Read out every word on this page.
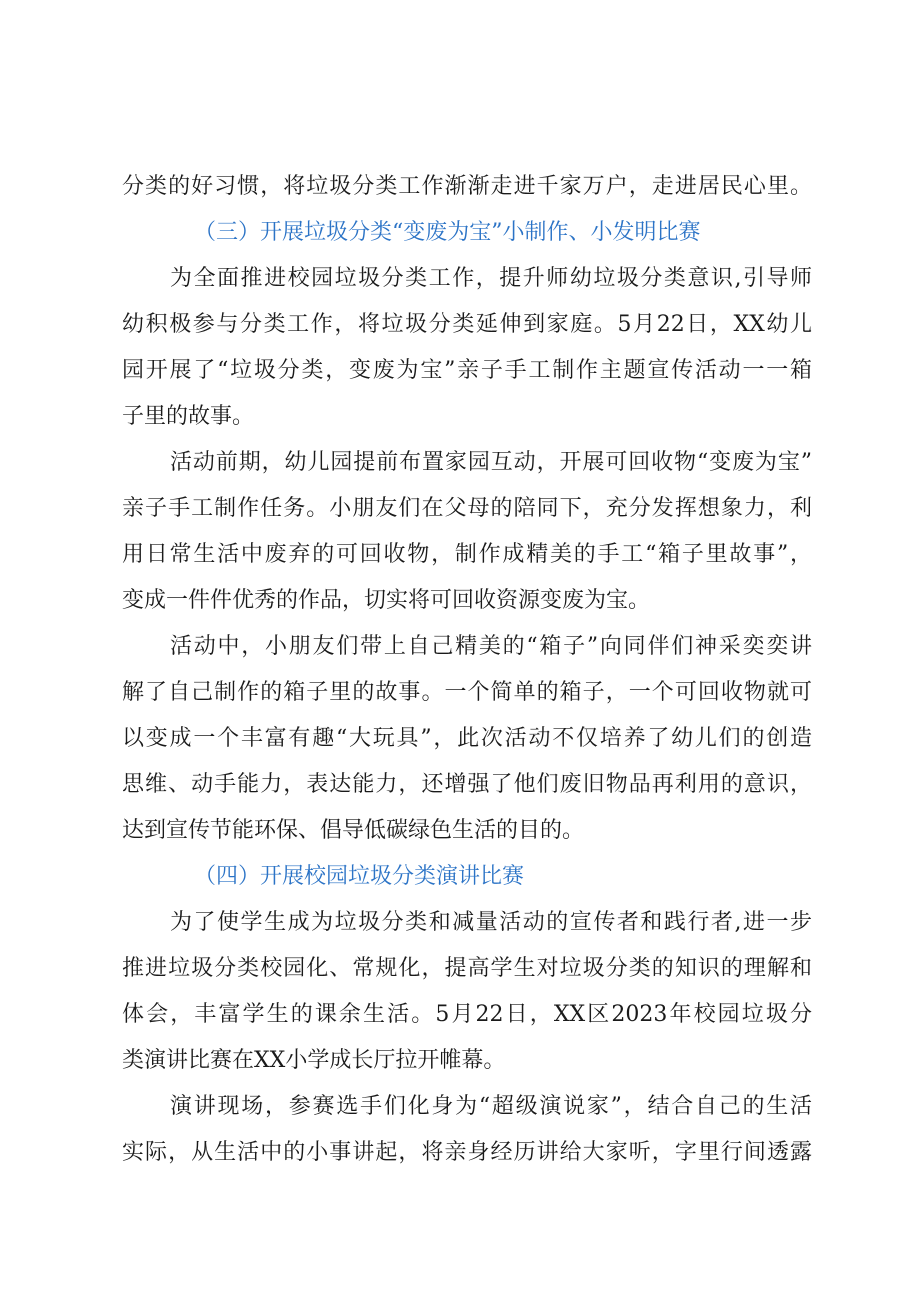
分类的好习惯，将垃圾分类工作渐渐走进千家万户，走进居民心里。
（三）开展垃圾分类“变废为宝”小制作、小发明比赛
为全面推进校园垃圾分类工作，提升师幼垃圾分类意识,引导师
幼积极参与分类工作，将垃圾分类延伸到家庭。5月22日，XX幼儿
园开展了“垃圾分类，变废为宝”亲子手工制作主题宣传活动一一箱
子里的故事。
活动前期，幼儿园提前布置家园互动，开展可回收物“变废为宝”
亲子手工制作任务。小朋友们在父母的陪同下，充分发挥想象力，利
用日常生活中废弃的可回收物，制作成精美的手工“箱子里故事”，
变成一件件优秀的作品，切实将可回收资源变废为宝。
活动中，小朋友们带上自己精美的“箱子”向同伴们神采奕奕讲
解了自己制作的箱子里的故事。一个简单的箱子，一个可回收物就可
以变成一个丰富有趣“大玩具”，此次活动不仅培养了幼儿们的创造
思维、动手能力，表达能力，还增强了他们废旧物品再利用的意识，
达到宣传节能环保、倡导低碳绿色生活的目的。
（四）开展校园垃圾分类演讲比赛
为了使学生成为垃圾分类和减量活动的宣传者和践行者,进一步
推进垃圾分类校园化、常规化，提高学生对垃圾分类的知识的理解和
体会，丰富学生的课余生活。5月22日，XX区2023年校园垃圾分
类演讲比赛在XX小学成长厅拉开帷幕。
演讲现场，参赛选手们化身为“超级演说家”，结合自己的生活
实际，从生活中的小事讲起，将亲身经历讲给大家听，字里行间透露
